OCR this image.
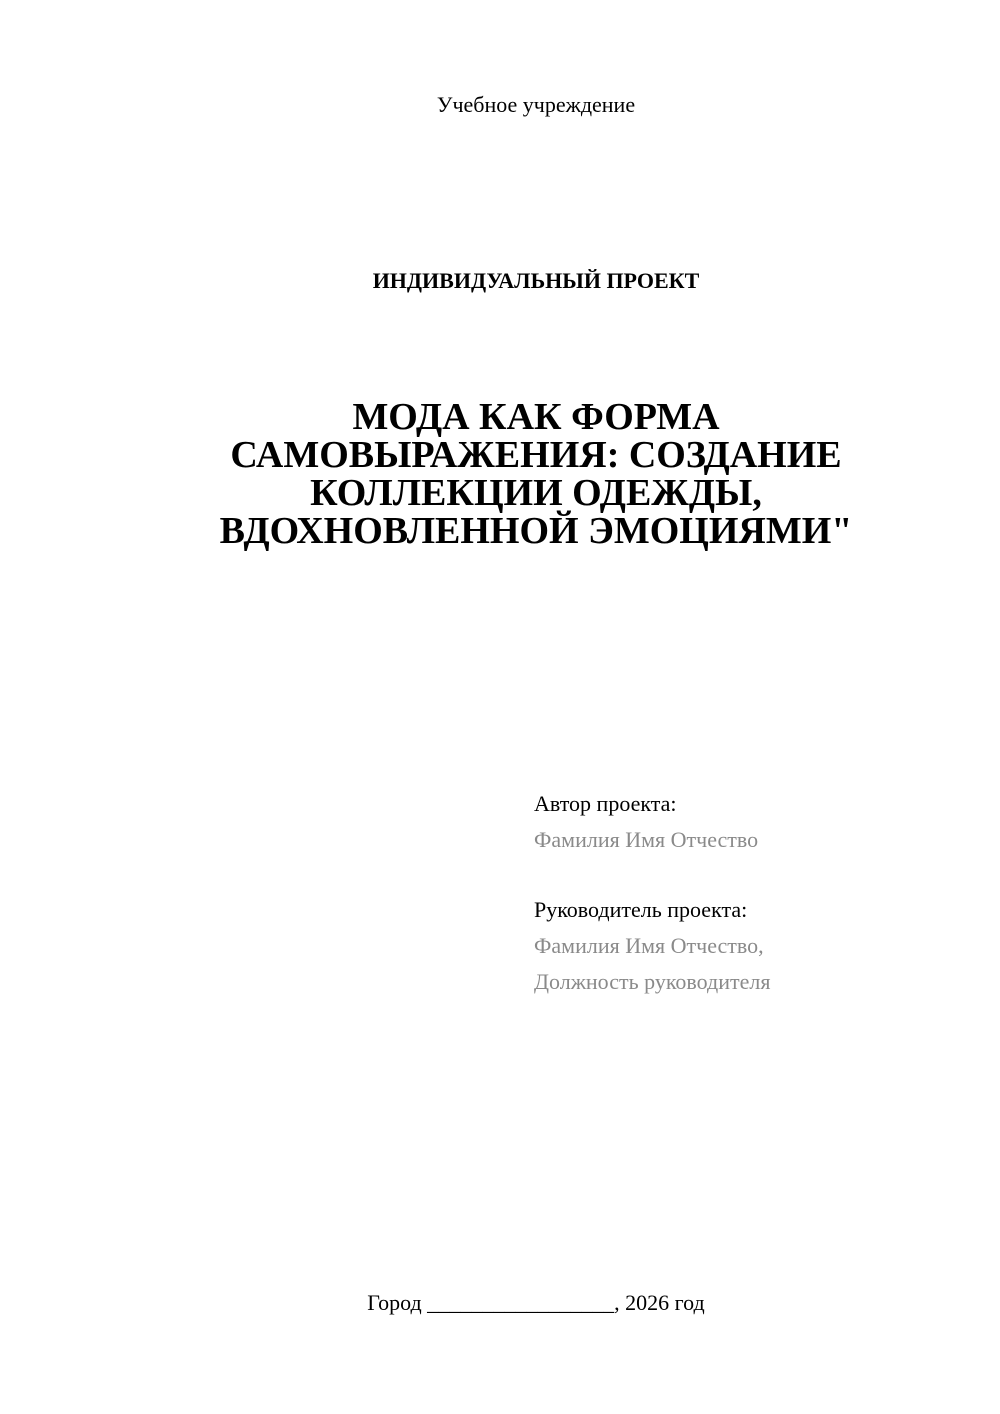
Учебное учреждение
ИНДИВИДУАЛЬНЫЙ ПРОЕКТ
МОДА КАК ФОРМА
САМОВЫРАЖЕНИЯ: СОЗДАНИЕ
КОЛЛЕКЦИИ ОДЕЖДЫ,
ВДОХНОВЛЕННОЙ ЭМОЦИЯМИ"
Автор проекта:
Фамилия Имя Отчество
Руководитель проекта:
Фамилия Имя Отчество,
Должность руководителя
Город _________________, 2026 год
